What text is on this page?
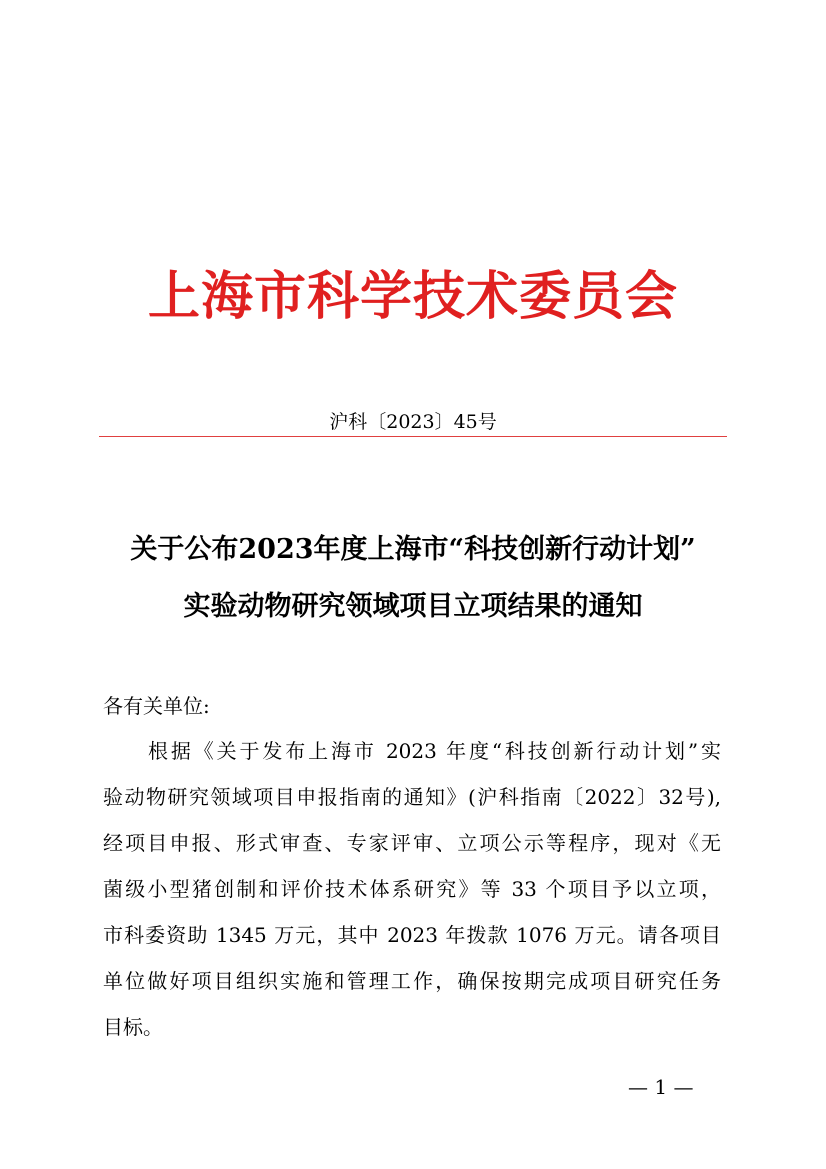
上海市科学技术委员会
沪科〔2023〕45号
关于公布2023年度上海市“科技创新行动计划”
实验动物研究领域项目立项结果的通知
各有关单位:
根据《关于发布上海市 2023 年度“科技创新行动计划”实
验动物研究领域项目申报指南的通知》(沪科指南〔2022〕32号),
经项目申报、形式审查、专家评审、立项公示等程序，现对《无
菌级小型猪创制和评价技术体系研究》等 33 个项目予以立项，
市科委资助 1345 万元，其中 2023 年拨款 1076 万元。请各项目
单位做好项目组织实施和管理工作，确保按期完成项目研究任务
目标。
— 1 —
